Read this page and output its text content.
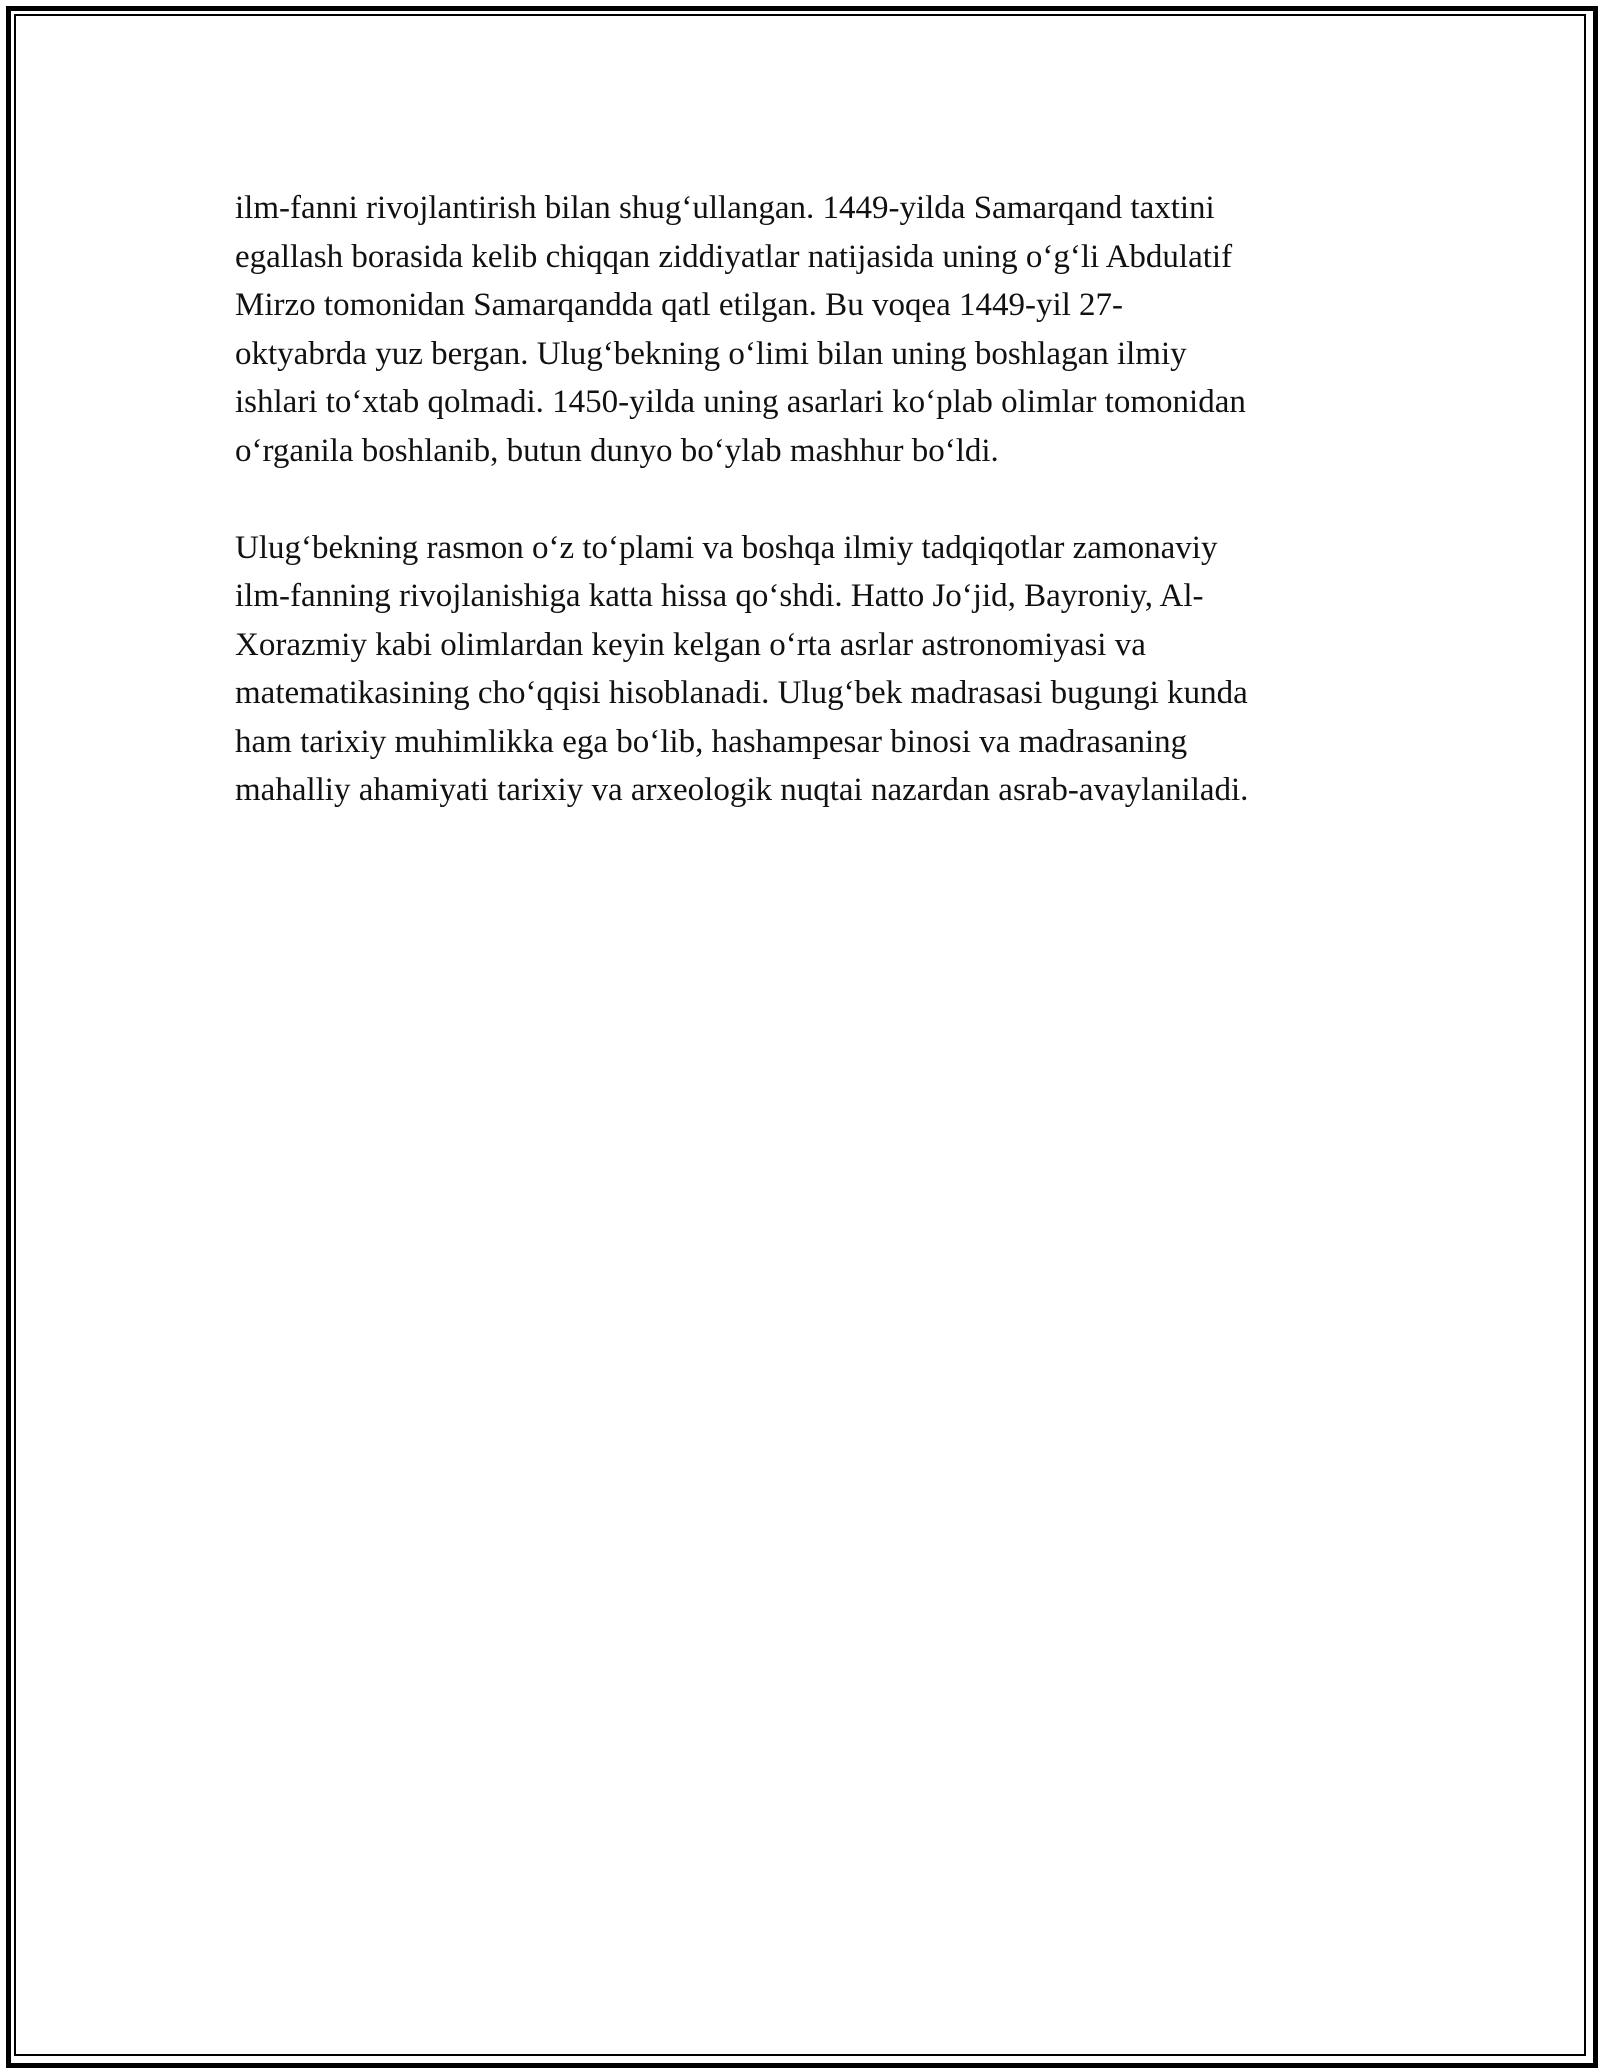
ilm-fanni rivojlantirish bilan shug‘ullangan. 1449-yilda Samarqand taxtini
egallash borasida kelib chiqqan ziddiyatlar natijasida uning o‘g‘li Abdulatif
Mirzo tomonidan Samarqandda qatl etilgan. Bu voqea 1449-yil 27-
oktyabrda yuz bergan. Ulug‘bekning o‘limi bilan uning boshlagan ilmiy
ishlari to‘xtab qolmadi. 1450-yilda uning asarlari ko‘plab olimlar tomonidan
o‘rganila boshlanib, butun dunyo bo‘ylab mashhur bo‘ldi.

Ulug‘bekning rasmon o‘z to‘plami va boshqa ilmiy tadqiqotlar zamonaviy
ilm-fanning rivojlanishiga katta hissa qo‘shdi. Hatto Jo‘jid, Bayroniy, Al-
Xorazmiy kabi olimlardan keyin kelgan o‘rta asrlar astronomiyasi va
matematikasining cho‘qqisi hisoblanadi. Ulug‘bek madrasasi bugungi kunda
ham tarixiy muhimlikka ega bo‘lib, hashampesar binosi va madrasaning
mahalliy ahamiyati tarixiy va arxeologik nuqtai nazardan asrab-avaylaniladi.
